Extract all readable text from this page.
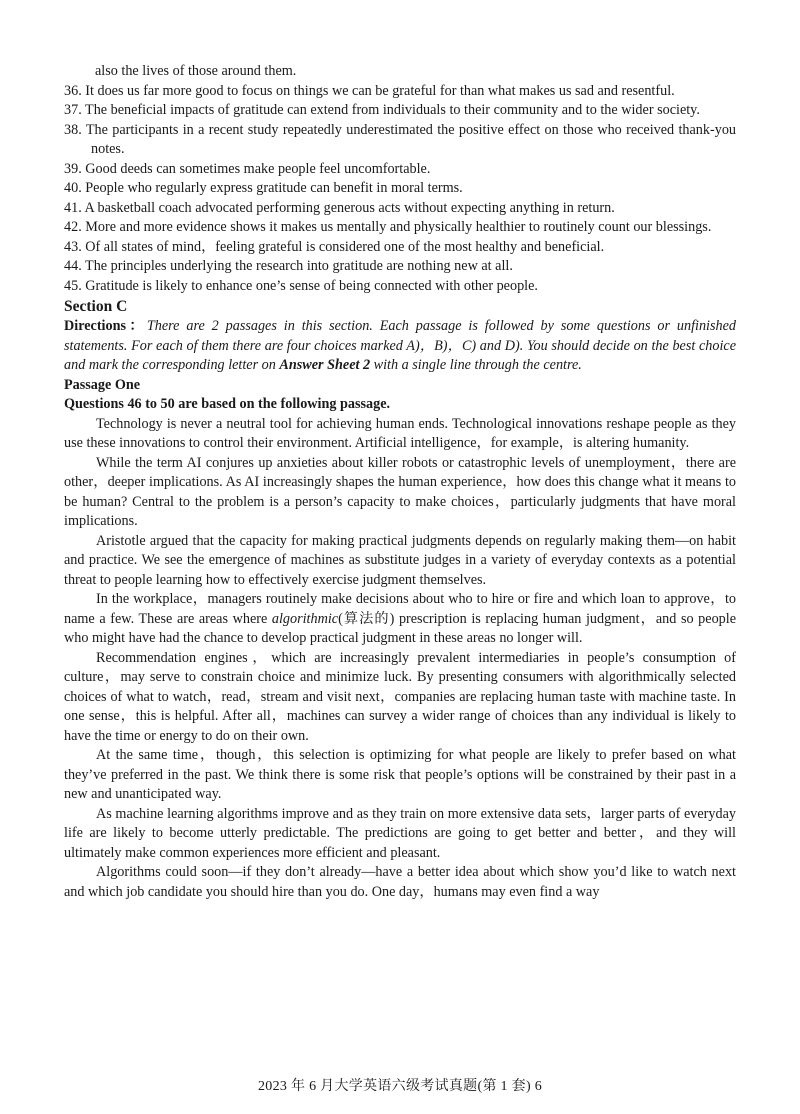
also the lives of those around them.
36. It does us far more good to focus on things we can be grateful for than what makes us sad and resentful.
37. The beneficial impacts of gratitude can extend from individuals to their community and to the wider society.
38. The participants in a recent study repeatedly underestimated the positive effect on those who received thank-you notes.
39. Good deeds can sometimes make people feel uncomfortable.
40. People who regularly express gratitude can benefit in moral terms.
41. A basketball coach advocated performing generous acts without expecting anything in return.
42. More and more evidence shows it makes us mentally and physically healthier to routinely count our blessings.
43. Of all states of mind，feeling grateful is considered one of the most healthy and beneficial.
44. The principles underlying the research into gratitude are nothing new at all.
45. Gratitude is likely to enhance one’s sense of being connected with other people.
Section C
Directions：There are 2 passages in this section. Each passage is followed by some questions or unfinished statements. For each of them there are four choices marked A)，B)，C) and D). You should decide on the best choice and mark the corresponding letter on Answer Sheet 2 with a single line through the centre.
Passage One
Questions 46 to 50 are based on the following passage.
Technology is never a neutral tool for achieving human ends. Technological innovations reshape people as they use these innovations to control their environment. Artificial intelligence，for example，is altering humanity.
While the term AI conjures up anxieties about killer robots or catastrophic levels of unemployment，there are other，deeper implications. As AI increasingly shapes the human experience，how does this change what it means to be human? Central to the problem is a person’s capacity to make choices，particularly judgments that have moral implications.
Aristotle argued that the capacity for making practical judgments depends on regularly making them—on habit and practice. We see the emergence of machines as substitute judges in a variety of everyday contexts as a potential threat to people learning how to effectively exercise judgment themselves.
In the workplace，managers routinely make decisions about who to hire or fire and which loan to approve，to name a few. These are areas where algorithmic(算法的) prescription is replacing human judgment，and so people who might have had the chance to develop practical judgment in these areas no longer will.
Recommendation engines，which are increasingly prevalent intermediaries in people’s consumption of culture，may serve to constrain choice and minimize luck. By presenting consumers with algorithmically selected choices of what to watch，read，stream and visit next，companies are replacing human taste with machine taste. In one sense，this is helpful. After all，machines can survey a wider range of choices than any individual is likely to have the time or energy to do on their own.
At the same time，though，this selection is optimizing for what people are likely to prefer based on what they’ve preferred in the past. We think there is some risk that people’s options will be constrained by their past in a new and unanticipated way.
As machine learning algorithms improve and as they train on more extensive data sets，larger parts of everyday life are likely to become utterly predictable. The predictions are going to get better and better，and they will ultimately make common experiences more efficient and pleasant.
Algorithms could soon—if they don’t already—have a better idea about which show you’d like to watch next and which job candidate you should hire than you do. One day，humans may even find a way
2023 年 6 月大学英语六级考试真题(第 1 套) 6
